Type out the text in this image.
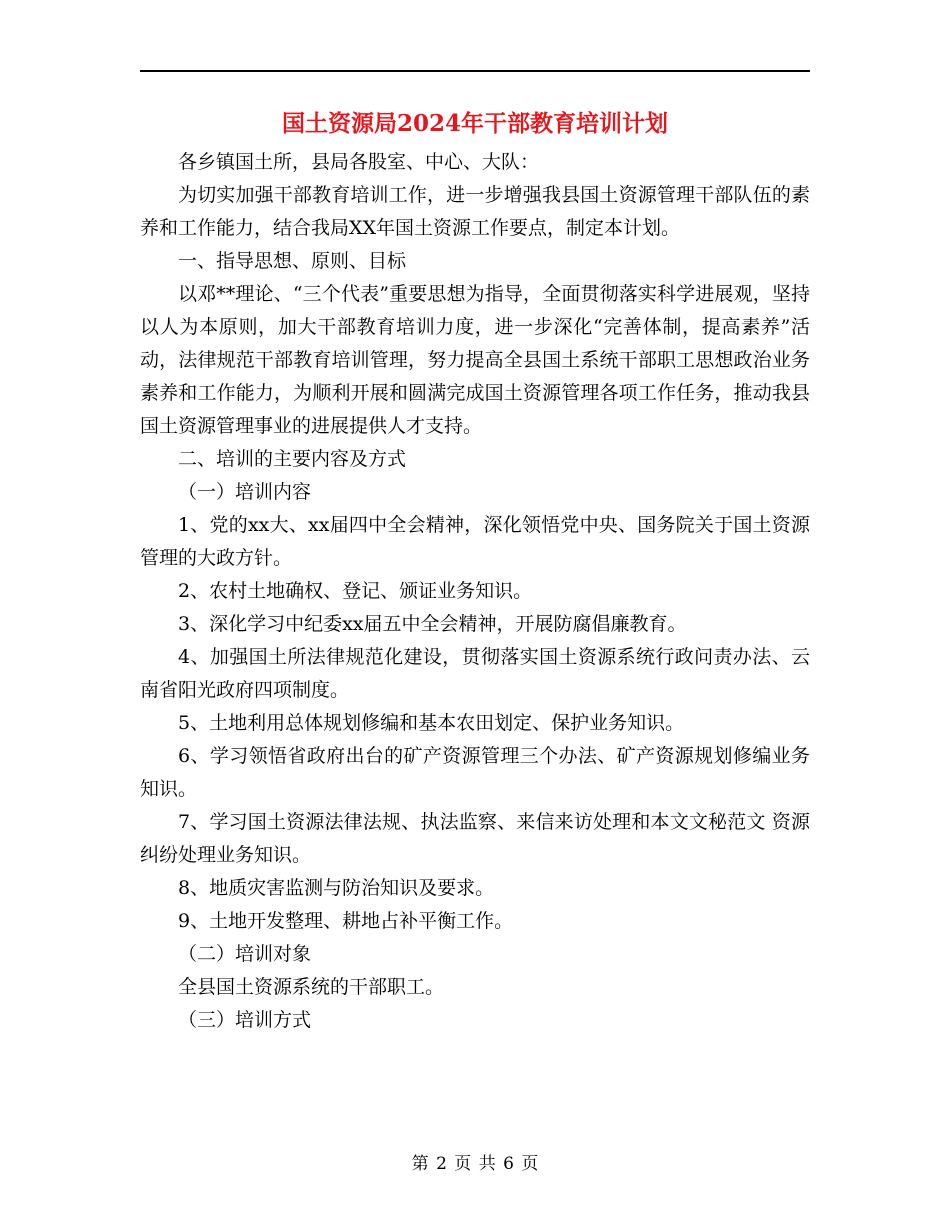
国土资源局2024年干部教育培训计划

各乡镇国土所，县局各股室、中心、大队：

为切实加强干部教育培训工作，进一步增强我县国土资源管理干部队伍的素养和工作能力，结合我局XX年国土资源工作要点，制定本计划。

一、指导思想、原则、目标

以邓**理论、“三个代表”重要思想为指导，全面贯彻落实科学进展观，坚持以人为本原则，加大干部教育培训力度，进一步深化“完善体制，提高素养”活动，法律规范干部教育培训管理，努力提高全县国土系统干部职工思想政治业务素养和工作能力，为顺利开展和圆满完成国土资源管理各项工作任务，推动我县国土资源管理事业的进展提供人才支持。

二、培训的主要内容及方式

（一）培训内容

1、党的xx大、xx届四中全会精神，深化领悟党中央、国务院关于国土资源管理的大政方针。

2、农村土地确权、登记、颁证业务知识。

3、深化学习中纪委xx届五中全会精神，开展防腐倡廉教育。

4、加强国土所法律规范化建设，贯彻落实国土资源系统行政问责办法、云南省阳光政府四项制度。

5、土地利用总体规划修编和基本农田划定、保护业务知识。

6、学习领悟省政府出台的矿产资源管理三个办法、矿产资源规划修编业务知识。

7、学习国土资源法律法规、执法监察、来信来访处理和本文文秘范文 资源纠纷处理业务知识。

8、地质灾害监测与防治知识及要求。

9、土地开发整理、耕地占补平衡工作。

（二）培训对象

全县国土资源系统的干部职工。

（三）培训方式

第 2 页 共 6 页
